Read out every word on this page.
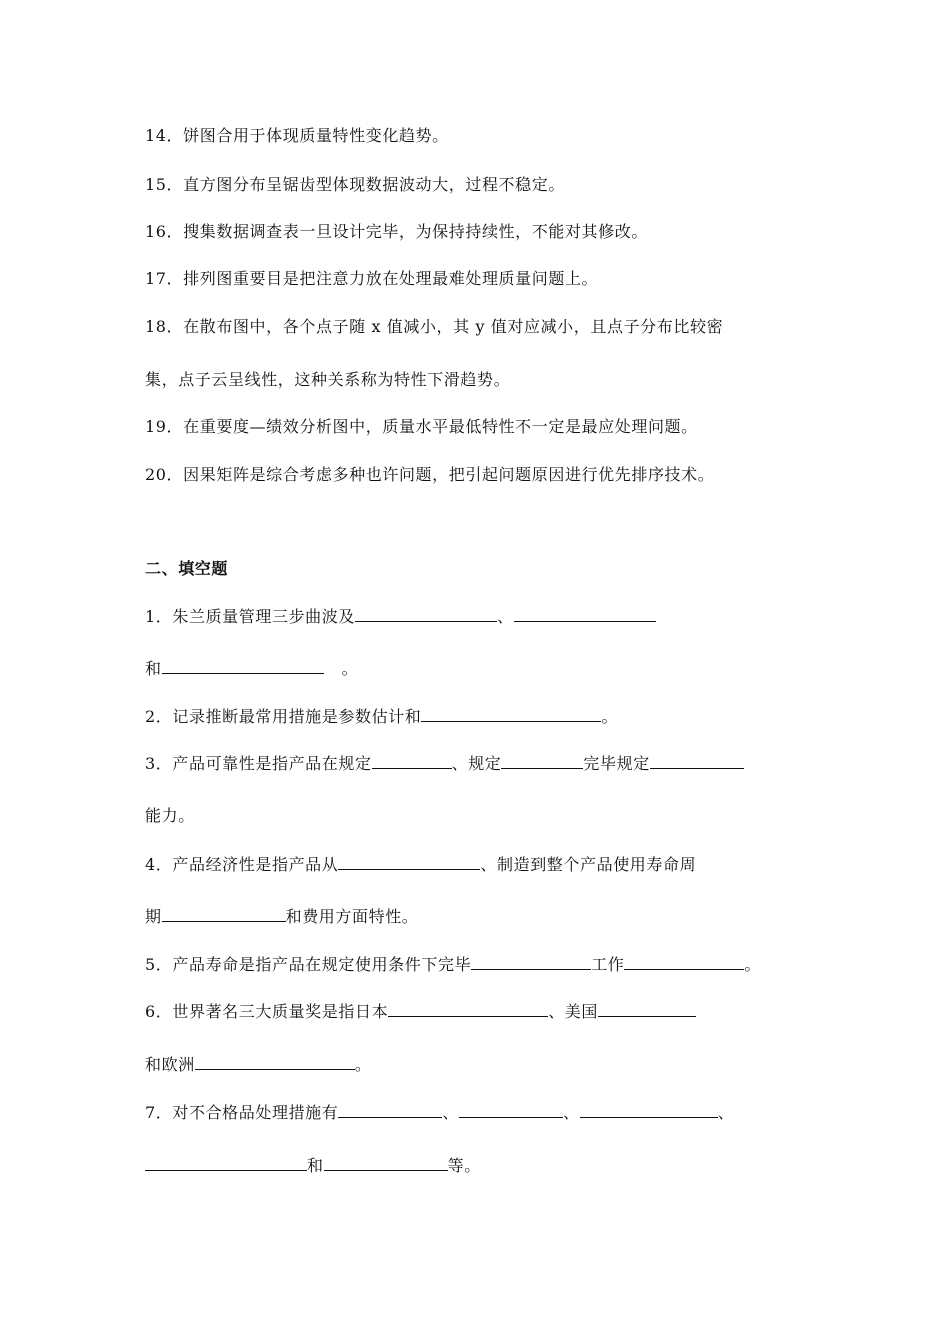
14．饼图合用于体现质量特性变化趋势。
15．直方图分布呈锯齿型体现数据波动大，过程不稳定。
16．搜集数据调查表一旦设计完毕，为保持持续性，不能对其修改。
17．排列图重要目是把注意力放在处理最难处理质量问题上。
18．在散布图中，各个点子随 x 值减小，其 y 值对应减小，且点子分布比较密
集，点子云呈线性，这种关系称为特性下滑趋势。
19．在重要度—绩效分析图中，质量水平最低特性不一定是最应处理问题。
20．因果矩阵是综合考虑多种也许问题，把引起问题原因进行优先排序技术。
二、填空题
1．朱兰质量管理三步曲波及	、
和	。
2．记录推断最常用措施是参数估计和	。
3．产品可靠性是指产品在规定	、规定	完毕规定
能力。
4．产品经济性是指产品从	、制造到整个产品使用寿命周
期	和费用方面特性。
5．产品寿命是指产品在规定使用条件下完毕	工作	。
6．世界著名三大质量奖是指日本	、美国
和欧洲	。
7．对不合格品处理措施有	、	、	、
和	等。
